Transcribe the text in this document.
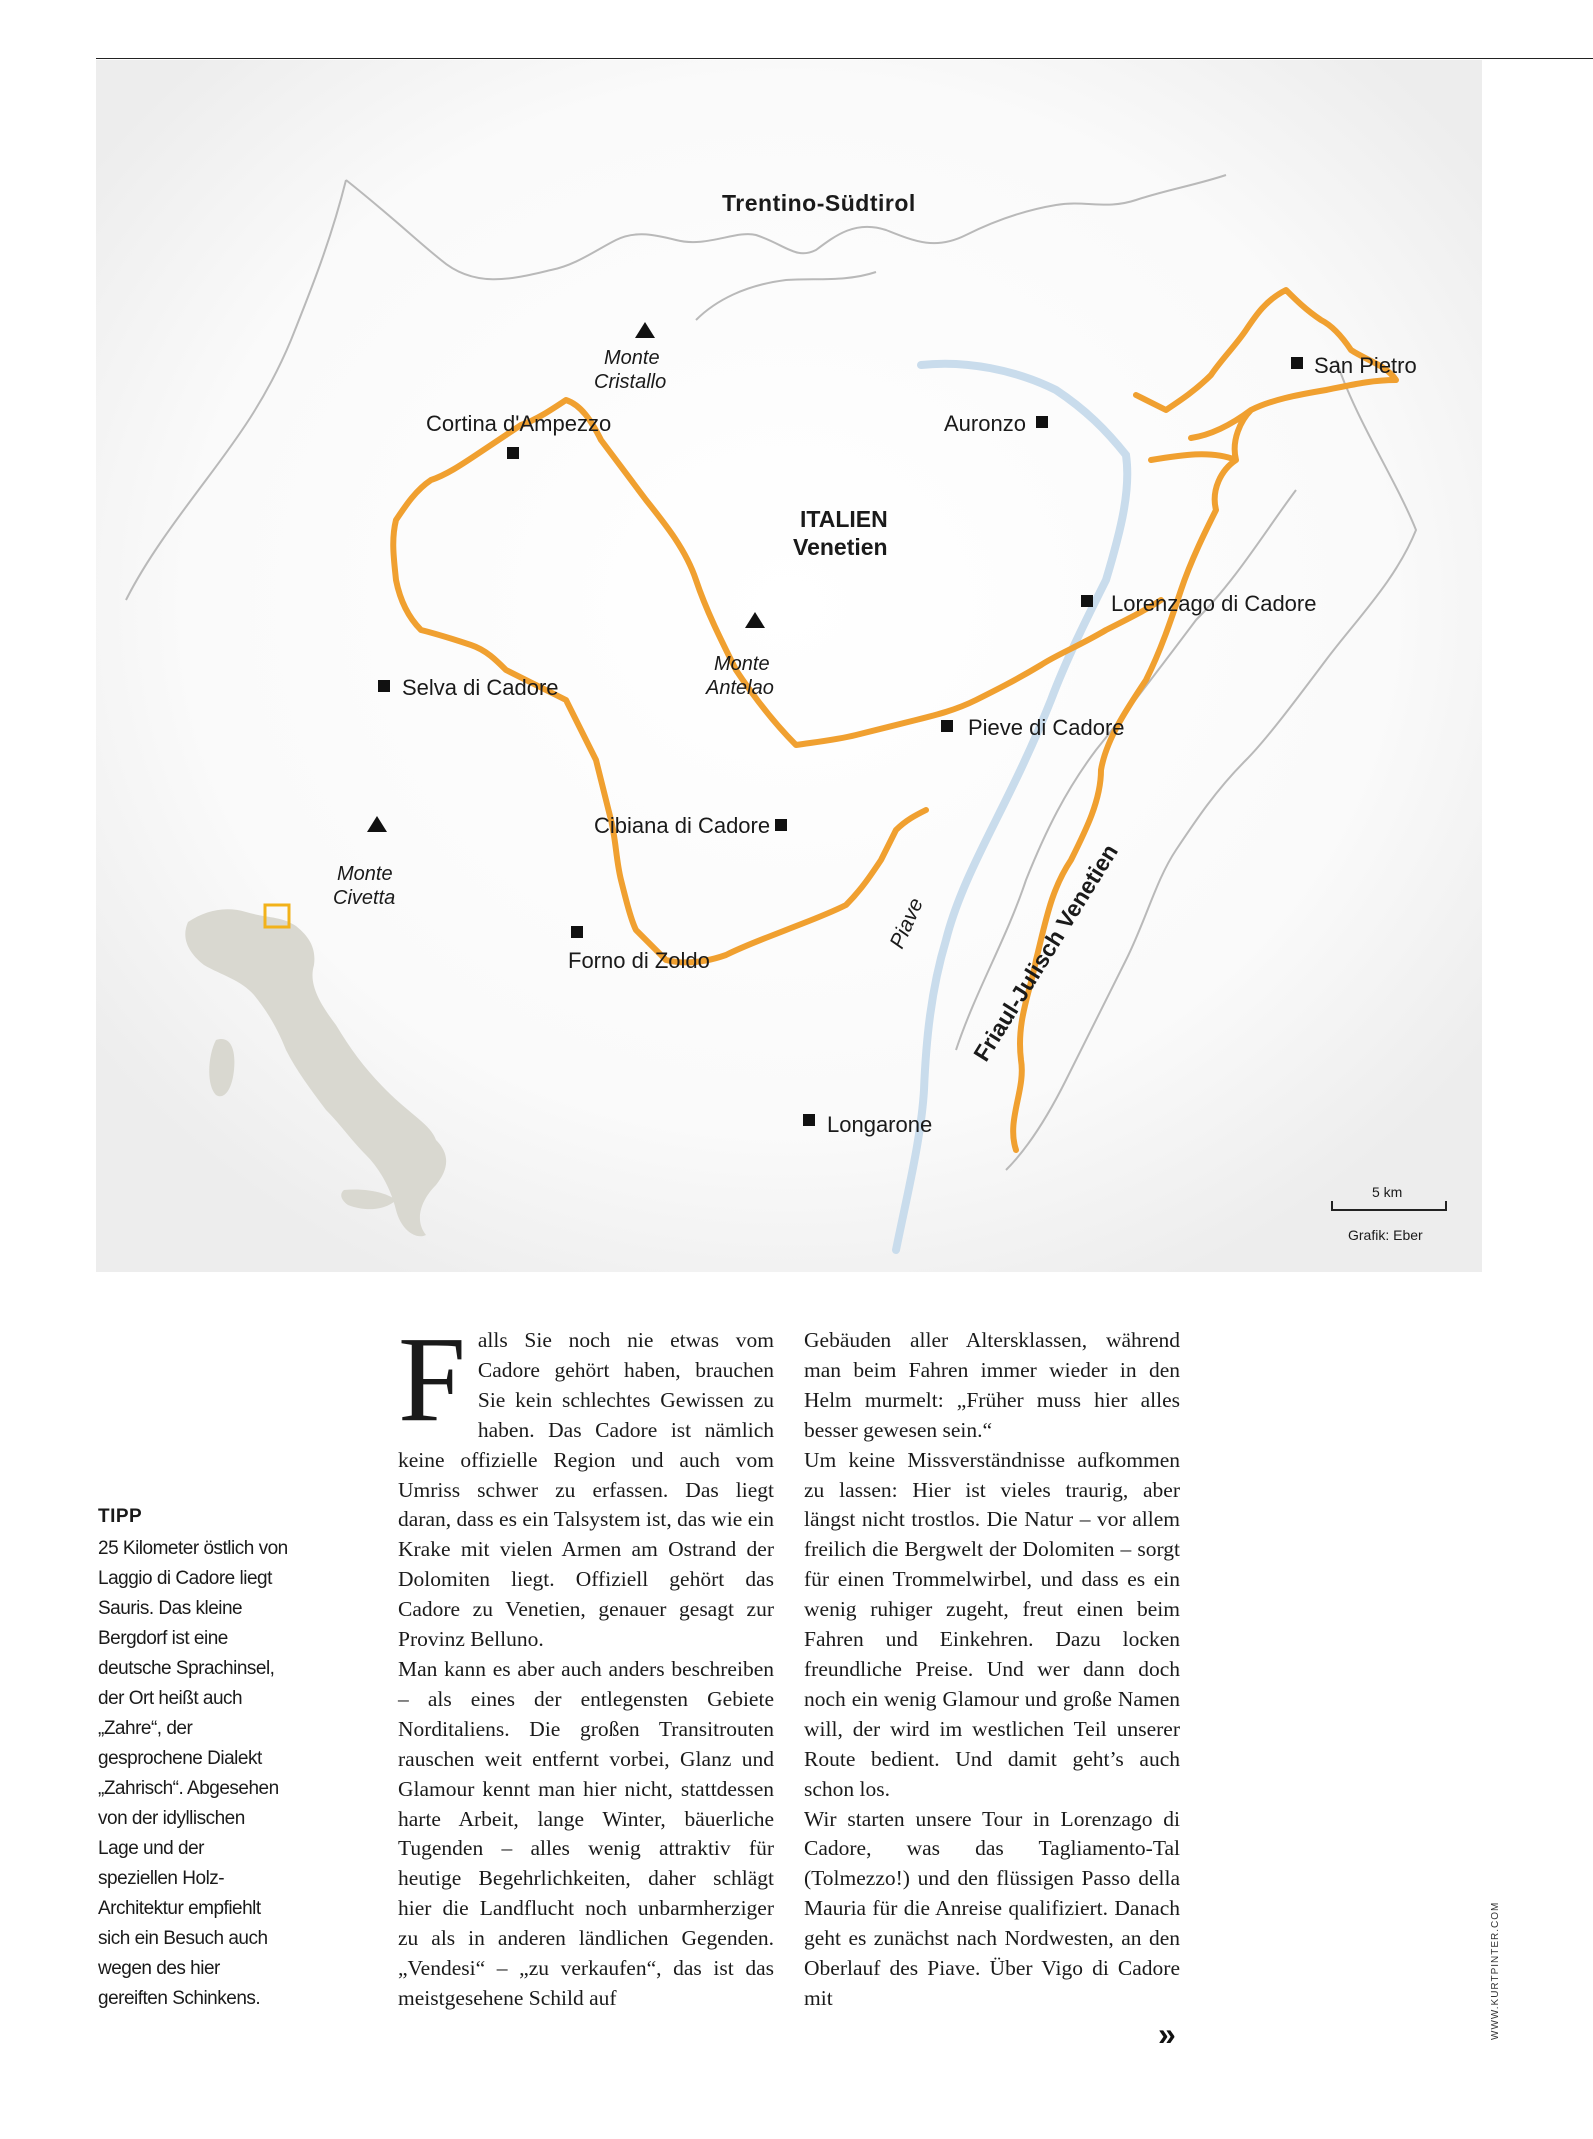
Trentino-Südtirol
ITALIEN
Venetien
Friaul-Julisch Venetien
Monte
Cristallo
Monte
Antelao
Monte
Civetta
Cortina d'Ampezzo	Auronzo
San Pietro
Lorenzago di Cadore
Selva di Cadore
Pieve di Cadore
Cibiana di Cadore
Forno di Zoldo
Longarone
Piave
5 km
Grafik: Eber
TIPP
25 Kilometer östlich von Laggio di Cadore liegt Sauris. Das kleine Bergdorf ist eine deutsche Sprachinsel, der Ort heißt auch „Zahre“, der gesprochene Dialekt „Zahrisch“. Abgesehen von der idyllischen Lage und der speziellen Holz-Architektur empfiehlt sich ein Besuch auch wegen des hier gereiften Schinkens.
F alls Sie noch nie etwas vom Cadore gehört haben, brauchen Sie kein schlechtes Gewissen zu haben. Das Cadore ist nämlich keine offizielle Region und auch vom Umriss schwer zu erfassen. Das liegt daran, dass es ein Talsystem ist, das wie ein Krake mit vielen Armen am Ostrand der Dolomiten liegt. Offiziell gehört das Cadore zu Venetien, genauer gesagt zur Provinz Belluno.

Man kann es aber auch anders beschreiben – als eines der entlegensten Gebiete Norditaliens. Die großen Transitrouten rauschen weit entfernt vorbei, Glanz und Glamour kennt man hier nicht, stattdessen harte Arbeit, lange Winter, bäuerliche Tugenden – alles wenig attraktiv für heutige Begehrlichkeiten, daher schlägt hier die Landflucht noch unbarmherziger zu als in anderen ländlichen Gegenden. „Vendesi“ – „zu verkaufen“, das ist das meistgesehene Schild auf

Gebäuden aller Altersklassen, während man beim Fahren immer wieder in den Helm murmelt: „Früher muss hier alles besser gewesen sein.“

Um keine Missverständnisse aufkommen zu lassen: Hier ist vieles traurig, aber längst nicht trostlos. Die Natur – vor allem freilich die Bergwelt der Dolomiten – sorgt für einen Trommelwirbel, und dass es ein wenig ruhiger zugeht, freut einen beim Fahren und Einkehren. Dazu locken freundliche Preise. Und wer dann doch noch ein wenig Glamour und große Namen will, der wird im westlichen Teil unserer Route bedient. Und damit geht’s auch schon los.

Wir starten unsere Tour in Lorenzago di Cadore, was das Tagliamento-Tal (Tolmezzo!) und den flüssigen Passo della Mauria für die Anreise qualifiziert. Danach geht es zunächst nach Nordwesten, an den Oberlauf des Piave. Über Vigo di Cadore mit

»	WWW.KURTPINTER.COM
